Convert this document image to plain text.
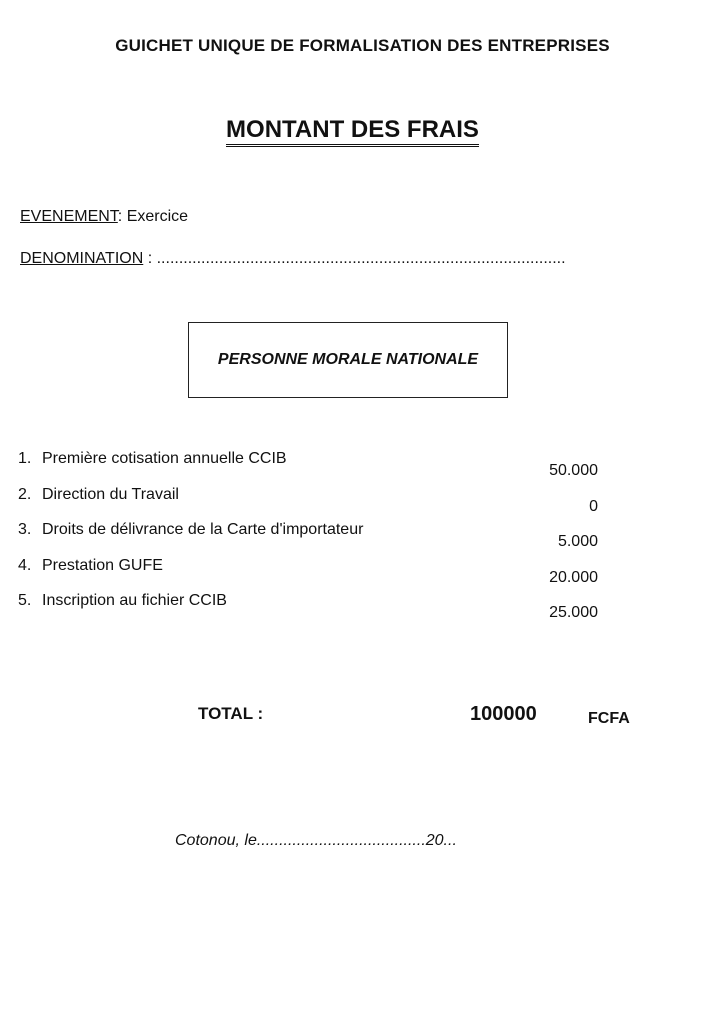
GUICHET UNIQUE DE FORMALISATION DES ENTREPRISES
MONTANT DES FRAIS
EVENEMENT: Exercice
DENOMINATION : ............................................................................................
PERSONNE MORALE NATIONALE
1. Première cotisation annuelle CCIB
50.000
2. Direction du Travail
0
3. Droits de délivrance de la Carte d'importateur
5.000
4. Prestation GUFE
20.000
5. Inscription au fichier CCIB
25.000
TOTAL :	100000	FCFA
Cotonou, le......................................20...
